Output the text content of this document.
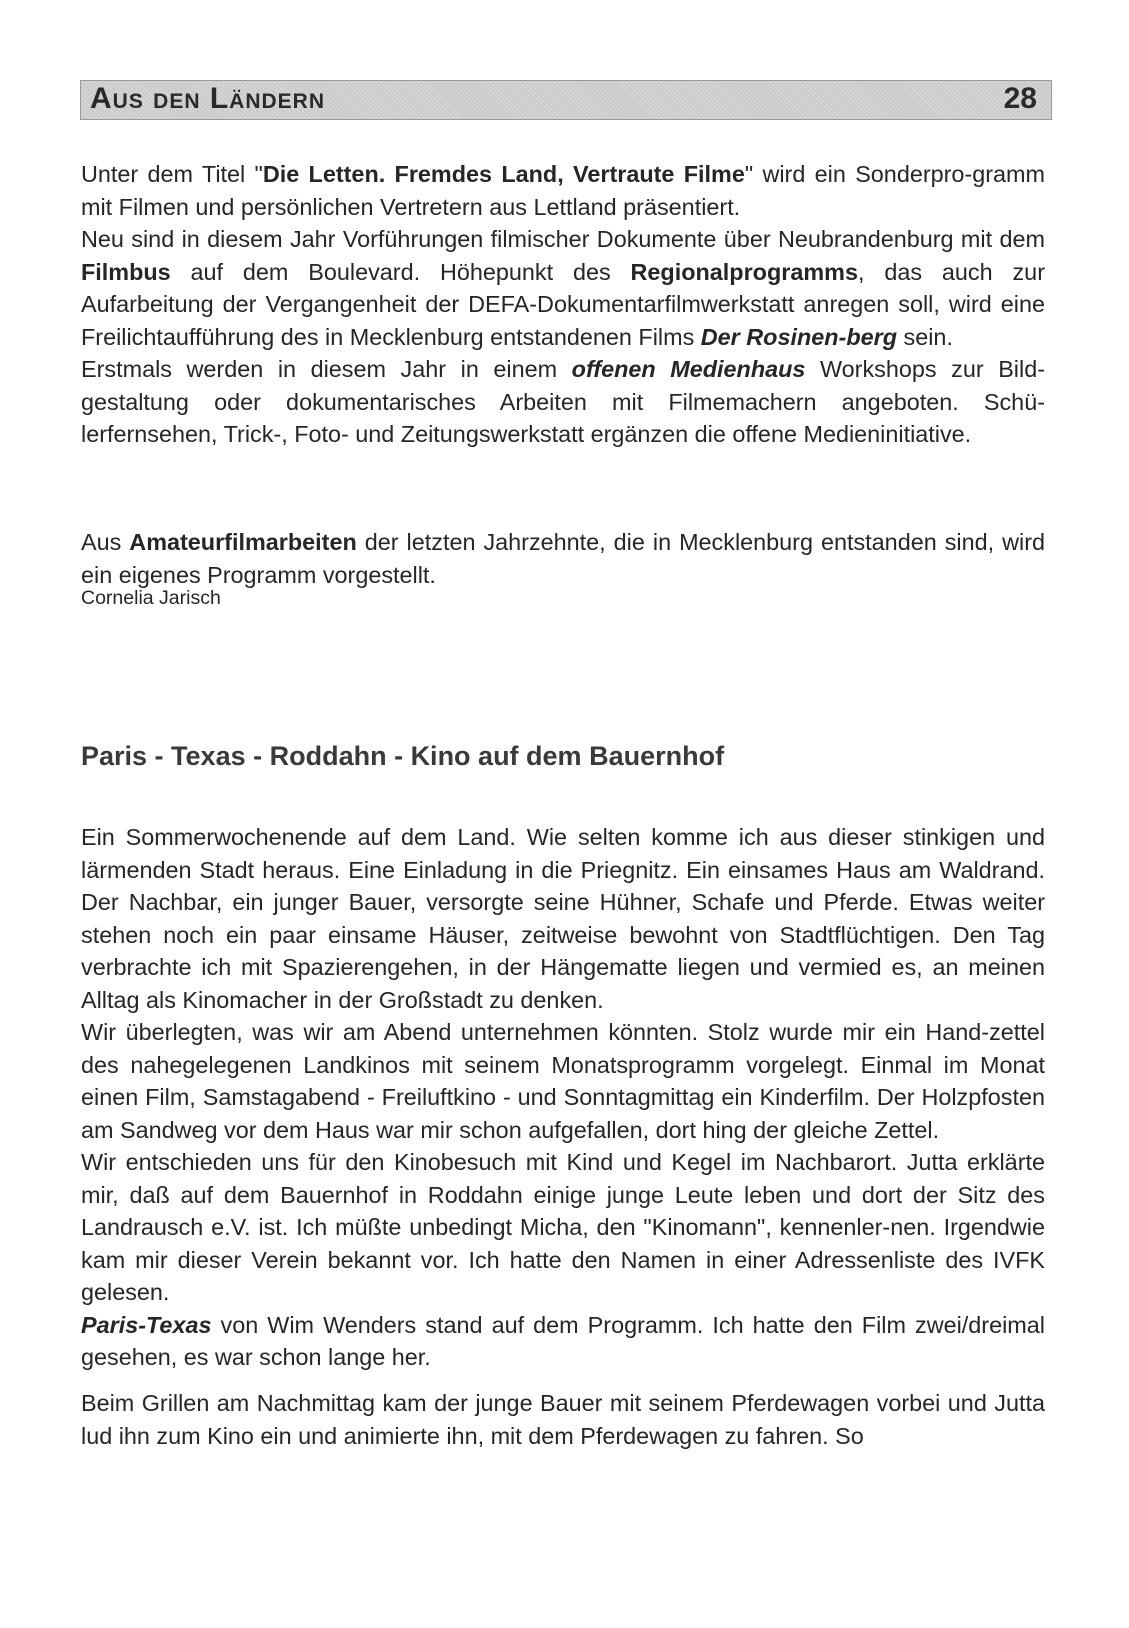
Aus den Ländern	28

Unter dem Titel "Die Letten. Fremdes Land, Vertraute Filme" wird ein Sonderpro-gramm mit Filmen und persönlichen Vertretern aus Lettland präsentiert.
Neu sind in diesem Jahr Vorführungen filmischer Dokumente über Neubrandenburg mit dem Filmbus auf dem Boulevard. Höhepunkt des Regionalprogramms, das auch zur Aufarbeitung der Vergangenheit der DEFA-Dokumentarfilmwerkstatt anregen soll, wird eine Freilichtaufführung des in Mecklenburg entstandenen Films Der Rosinen-berg sein.
Erstmals werden in diesem Jahr in einem offenen Medienhaus Workshops zur Bild-gestaltung oder dokumentarisches Arbeiten mit Filmemachern angeboten. Schü-lerfernsehen, Trick-, Foto- und Zeitungswerkstatt ergänzen die offene Medieninitiative.

Aus Amateurfilmarbeiten der letzten Jahrzehnte, die in Mecklenburg entstanden sind, wird ein eigenes Programm vorgestellt.

Cornelia Jarisch
Paris - Texas - Roddahn - Kino auf dem Bauernhof

Ein Sommerwochenende auf dem Land. Wie selten komme ich aus dieser stinkigen und lärmenden Stadt heraus. Eine Einladung in die Priegnitz. Ein einsames Haus am Waldrand. Der Nachbar, ein junger Bauer, versorgte seine Hühner, Schafe und Pferde. Etwas weiter stehen noch ein paar einsame Häuser, zeitweise bewohnt von Stadtflüchtigen. Den Tag verbrachte ich mit Spazierengehen, in der Hängematte liegen und vermied es, an meinen Alltag als Kinomacher in der Großstadt zu denken.
Wir überlegten, was wir am Abend unternehmen könnten. Stolz wurde mir ein Hand-zettel des nahegelegenen Landkinos mit seinem Monatsprogramm vorgelegt. Einmal im Monat einen Film, Samstagabend - Freiluftkino - und Sonntagmittag ein Kinderfilm. Der Holzpfosten am Sandweg vor dem Haus war mir schon aufgefallen, dort hing der gleiche Zettel.
Wir entschieden uns für den Kinobesuch mit Kind und Kegel im Nachbarort. Jutta erklärte mir, daß auf dem Bauernhof in Roddahn einige junge Leute leben und dort der Sitz des Landrausch e.V. ist. Ich müßte unbedingt Micha, den "Kinomann", kennenler-nen. Irgendwie kam mir dieser Verein bekannt vor. Ich hatte den Namen in einer Adressenliste des IVFK gelesen.
Paris-Texas von Wim Wenders stand auf dem Programm. Ich hatte den Film zwei/dreimal gesehen, es war schon lange her.

Beim Grillen am Nachmittag kam der junge Bauer mit seinem Pferdewagen vorbei und Jutta lud ihn zum Kino ein und animierte ihn, mit dem Pferdewagen zu fahren. So
